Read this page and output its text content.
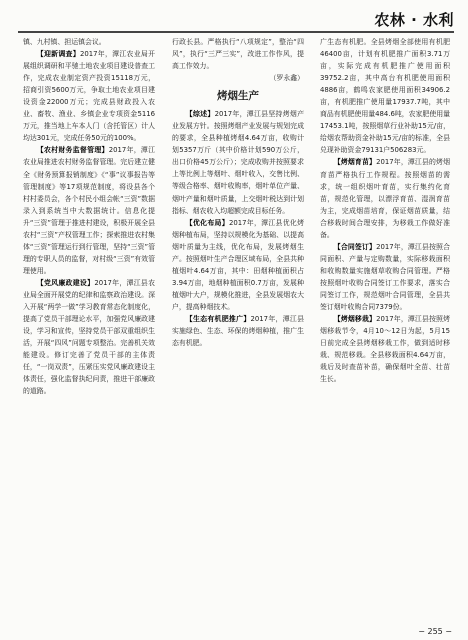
农林 · 水利

镇、九村镇、担运镇会议。

【迎新调查】2017年，潭江农业局开展组织调研和平驰土地农业项目建设普查工作，完成农业制定资产投资15118万元，招商引资5600万元，争取土地农业项目建设资金22000万元；完成县财政投入农业、畜牧、渔业、乡镇企业专项资金5116万元，推当地上车本人门（含托管区）计人均达301元，完成任务50元的100%。

【农村财务监督管理】2017年，潭江农业局推进农村财务监督管理。完后建立健全《财务预算报销制度》《“事”议事报告等管理制度》等17项规范制度，将设县各个村村委员会，各个村民小组会帐“三资”数据录入到系统当中大数据统计。信息化提升“三资”管理于推进村建设，积极开展全县农村“三资”产权管理工作；探索推进农村集体“三资”管理运行到行管理，坚持“三资”管理的专职人员的监督，对村级“三资”有效管理使用。

【党风廉政建设】2017年，潭江县农业局全面开展党的纪律和监察政治建设。深入开展“两学一做”学习教育常态化制度化，提高了党员干部理论水平，加强党风廉政建设，学习和宣传，坚持党员干部双重组织生活，开展“四风”问题专项整治。完善机关效能建设。修订完善了党员干部的主体责任，“一岗双责”，压紧压实党风廉政建设主体责任，强化监督执纪问责，推进干部廉政的道路。

行政长县。严格执行“八项规定”，整治“四风”，执行“三严三实”，改进工作作风，提高工作效力。

（罗永鑫）

烤烟生产

【综述】2017年，潭江县坚持烤烟产业发展方针。按照烤烟产业发展与规划完成的要求，全县种植烤烟4.64万亩，收购计划5357万斤（其中价格计划590万公斤，出口价格45万公斤）；完成收购并按照要求上等比例上等烟叶、烟叶收入，交售比例、等级合格率、烟叶收购率，烟叶单位产量、烟叶产量和烟叶质量，上交烟叶税达到计划指标、烟农收入均超额完成目标任务。

【优化布局】2017年，潭江县优化烤烟种植布局，坚持以规模化为基础、以提高烟叶质量为主线，优化布局，发展烤烟生产。按照烟叶生产合理区域布局，全县共种植烟叶4.64万亩，其中：田烟种植面积占3.94万亩，地烟种植面积0.7万亩，发展种植烟叶大户，规模化推进，全县发展烟农大户，提高种烟技术。

【生态有机肥推广】2017年，潭江县实施绿色、生态、环保的烤烟种植，推广生态有机肥。

广生态有机肥。全县烤烟全部使用有机肥46400亩，计划有机肥推广面积3.71万亩，实际完成有机肥推广使用面积39752.2亩，其中高台有机肥使用面积4886亩，鹤鸣农家肥使用面积34906.2亩，有机肥推广使用量17937.7吨，其中商品有机肥使用量484.6吨，农家肥使用量17453.1吨，按照烟草行业补助15元/亩，给烟农帮助资金补助15元/亩的标准，全县兑现补助资金79131户506283元。

【烤烟育苗】2017年，潭江县的烤烟育苗严格执行工作规程。按照烟苗的需求，统一组织烟叶育苗，实行集约化育苗，规范化管理，以漂浮育苗、湿润育苗为主，完成烟苗培育，保证烟苗质量，结合移栽时间合理安排，为移栽工作做好准备。

【合同签订】2017年，潭江县按照合同面积、产量与定购数量，实际移栽面积和收购数量实施烟草收购合同管理。严格按照烟叶收购合同签订工作要求，落实合同签订工作，规范烟叶合同管理，全县共签订烟叶收购合同7379份。

【烤烟移栽】2017年，潭江县按照烤烟移栽节令，4月10～12日为起，5月15日前完成全县烤烟移栽工作，做到适时移栽、规范移栽。全县移栽面积4.64万亩，栽后及时查苗补苗，确保烟叶全苗、壮苗生长。

− 255 −
